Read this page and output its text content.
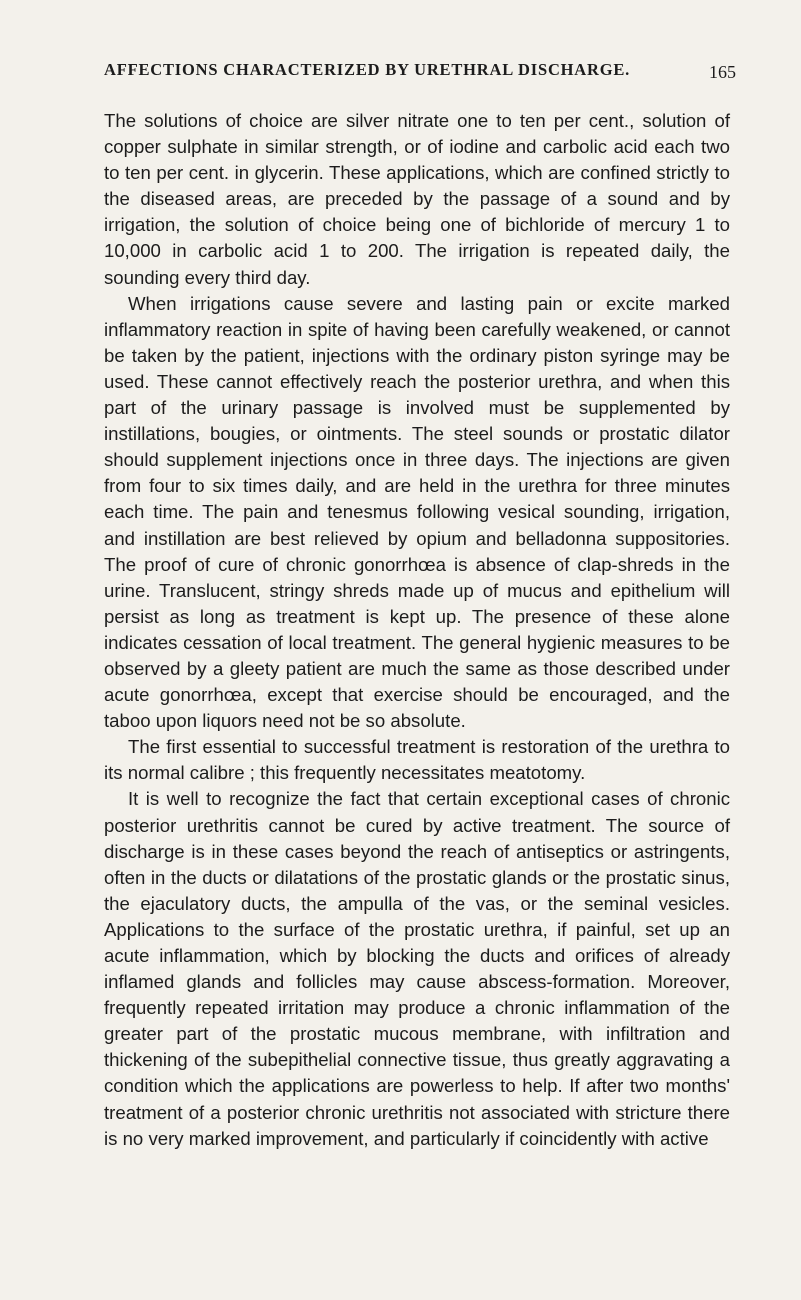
AFFECTIONS CHARACTERIZED BY URETHRAL DISCHARGE.	165

The solutions of choice are silver nitrate one to ten per cent., solution of copper sulphate in similar strength, or of iodine and carbolic acid each two to ten per cent. in glycerin. These applications, which are confined strictly to the diseased areas, are preceded by the passage of a sound and by irrigation, the solution of choice being one of bichloride of mercury 1 to 10,000 in carbolic acid 1 to 200. The irrigation is repeated daily, the sounding every third day.

When irrigations cause severe and lasting pain or excite marked inflammatory reaction in spite of having been carefully weakened, or cannot be taken by the patient, injections with the ordinary piston syringe may be used. These cannot effectively reach the posterior urethra, and when this part of the urinary passage is involved must be supplemented by instillations, bougies, or ointments. The steel sounds or prostatic dilator should supplement injections once in three days. The injections are given from four to six times daily, and are held in the urethra for three minutes each time. The pain and tenesmus following vesical sounding, irrigation, and instillation are best relieved by opium and belladonna suppositories. The proof of cure of chronic gonorrhœa is absence of clap-shreds in the urine. Translucent, stringy shreds made up of mucus and epithelium will persist as long as treatment is kept up. The presence of these alone indicates cessation of local treatment. The general hygienic measures to be observed by a gleety patient are much the same as those described under acute gonorrhœa, except that exercise should be encouraged, and the taboo upon liquors need not be so absolute.

The first essential to successful treatment is restoration of the urethra to its normal calibre ; this frequently necessitates meatotomy.

It is well to recognize the fact that certain exceptional cases of chronic posterior urethritis cannot be cured by active treatment. The source of discharge is in these cases beyond the reach of antiseptics or astringents, often in the ducts or dilatations of the prostatic glands or the prostatic sinus, the ejaculatory ducts, the ampulla of the vas, or the seminal vesicles. Applications to the surface of the prostatic urethra, if painful, set up an acute inflammation, which by blocking the ducts and orifices of already inflamed glands and follicles may cause abscess-formation. Moreover, frequently repeated irritation may produce a chronic inflammation of the greater part of the prostatic mucous membrane, with infiltration and thickening of the subepithelial connective tissue, thus greatly aggravating a condition which the applications are powerless to help. If after two months' treatment of a posterior chronic urethritis not associated with stricture there is no very marked improvement, and particularly if coincidently with active
